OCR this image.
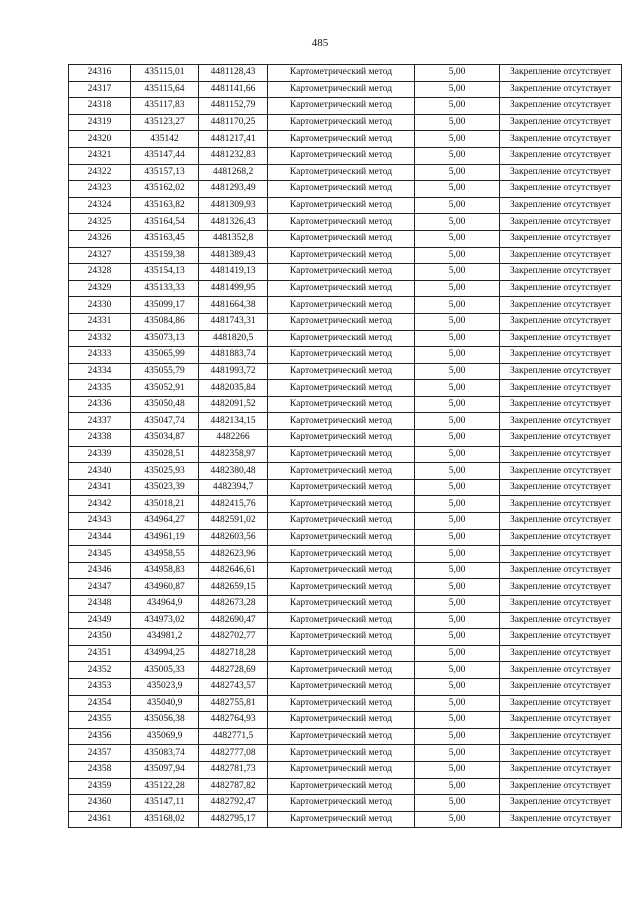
485
24316	435115,01	4481128,43	Картометрический метод	5,00	Закрепление отсутствует
24317	435115,64	4481141,66	Картометрический метод	5,00	Закрепление отсутствует
24318	435117,83	4481152,79	Картометрический метод	5,00	Закрепление отсутствует
24319	435123,27	4481170,25	Картометрический метод	5,00	Закрепление отсутствует
24320	435142	4481217,41	Картометрический метод	5,00	Закрепление отсутствует
24321	435147,44	4481232,83	Картометрический метод	5,00	Закрепление отсутствует
24322	435157,13	4481268,2	Картометрический метод	5,00	Закрепление отсутствует
24323	435162,02	4481293,49	Картометрический метод	5,00	Закрепление отсутствует
24324	435163,82	4481309,93	Картометрический метод	5,00	Закрепление отсутствует
24325	435164,54	4481326,43	Картометрический метод	5,00	Закрепление отсутствует
24326	435163,45	4481352,8	Картометрический метод	5,00	Закрепление отсутствует
24327	435159,38	4481389,43	Картометрический метод	5,00	Закрепление отсутствует
24328	435154,13	4481419,13	Картометрический метод	5,00	Закрепление отсутствует
24329	435133,33	4481499,95	Картометрический метод	5,00	Закрепление отсутствует
24330	435099,17	4481664,38	Картометрический метод	5,00	Закрепление отсутствует
24331	435084,86	4481743,31	Картометрический метод	5,00	Закрепление отсутствует
24332	435073,13	4481820,5	Картометрический метод	5,00	Закрепление отсутствует
24333	435065,99	4481883,74	Картометрический метод	5,00	Закрепление отсутствует
24334	435055,79	4481993,72	Картометрический метод	5,00	Закрепление отсутствует
24335	435052,91	4482035,84	Картометрический метод	5,00	Закрепление отсутствует
24336	435050,48	4482091,52	Картометрический метод	5,00	Закрепление отсутствует
24337	435047,74	4482134,15	Картометрический метод	5,00	Закрепление отсутствует
24338	435034,87	4482266	Картометрический метод	5,00	Закрепление отсутствует
24339	435028,51	4482358,97	Картометрический метод	5,00	Закрепление отсутствует
24340	435025,93	4482380,48	Картометрический метод	5,00	Закрепление отсутствует
24341	435023,39	4482394,7	Картометрический метод	5,00	Закрепление отсутствует
24342	435018,21	4482415,76	Картометрический метод	5,00	Закрепление отсутствует
24343	434964,27	4482591,02	Картометрический метод	5,00	Закрепление отсутствует
24344	434961,19	4482603,56	Картометрический метод	5,00	Закрепление отсутствует
24345	434958,55	4482623,96	Картометрический метод	5,00	Закрепление отсутствует
24346	434958,83	4482646,61	Картометрический метод	5,00	Закрепление отсутствует
24347	434960,87	4482659,15	Картометрический метод	5,00	Закрепление отсутствует
24348	434964,9	4482673,28	Картометрический метод	5,00	Закрепление отсутствует
24349	434973,02	4482690,47	Картометрический метод	5,00	Закрепление отсутствует
24350	434981,2	4482702,77	Картометрический метод	5,00	Закрепление отсутствует
24351	434994,25	4482718,28	Картометрический метод	5,00	Закрепление отсутствует
24352	435005,33	4482728,69	Картометрический метод	5,00	Закрепление отсутствует
24353	435023,9	4482743,57	Картометрический метод	5,00	Закрепление отсутствует
24354	435040,9	4482755,81	Картометрический метод	5,00	Закрепление отсутствует
24355	435056,38	4482764,93	Картометрический метод	5,00	Закрепление отсутствует
24356	435069,9	4482771,5	Картометрический метод	5,00	Закрепление отсутствует
24357	435083,74	4482777,08	Картометрический метод	5,00	Закрепление отсутствует
24358	435097,94	4482781,73	Картометрический метод	5,00	Закрепление отсутствует
24359	435122,28	4482787,82	Картометрический метод	5,00	Закрепление отсутствует
24360	435147,11	4482792,47	Картометрический метод	5,00	Закрепление отсутствует
24361	435168,02	4482795,17	Картометрический метод	5,00	Закрепление отсутствует
